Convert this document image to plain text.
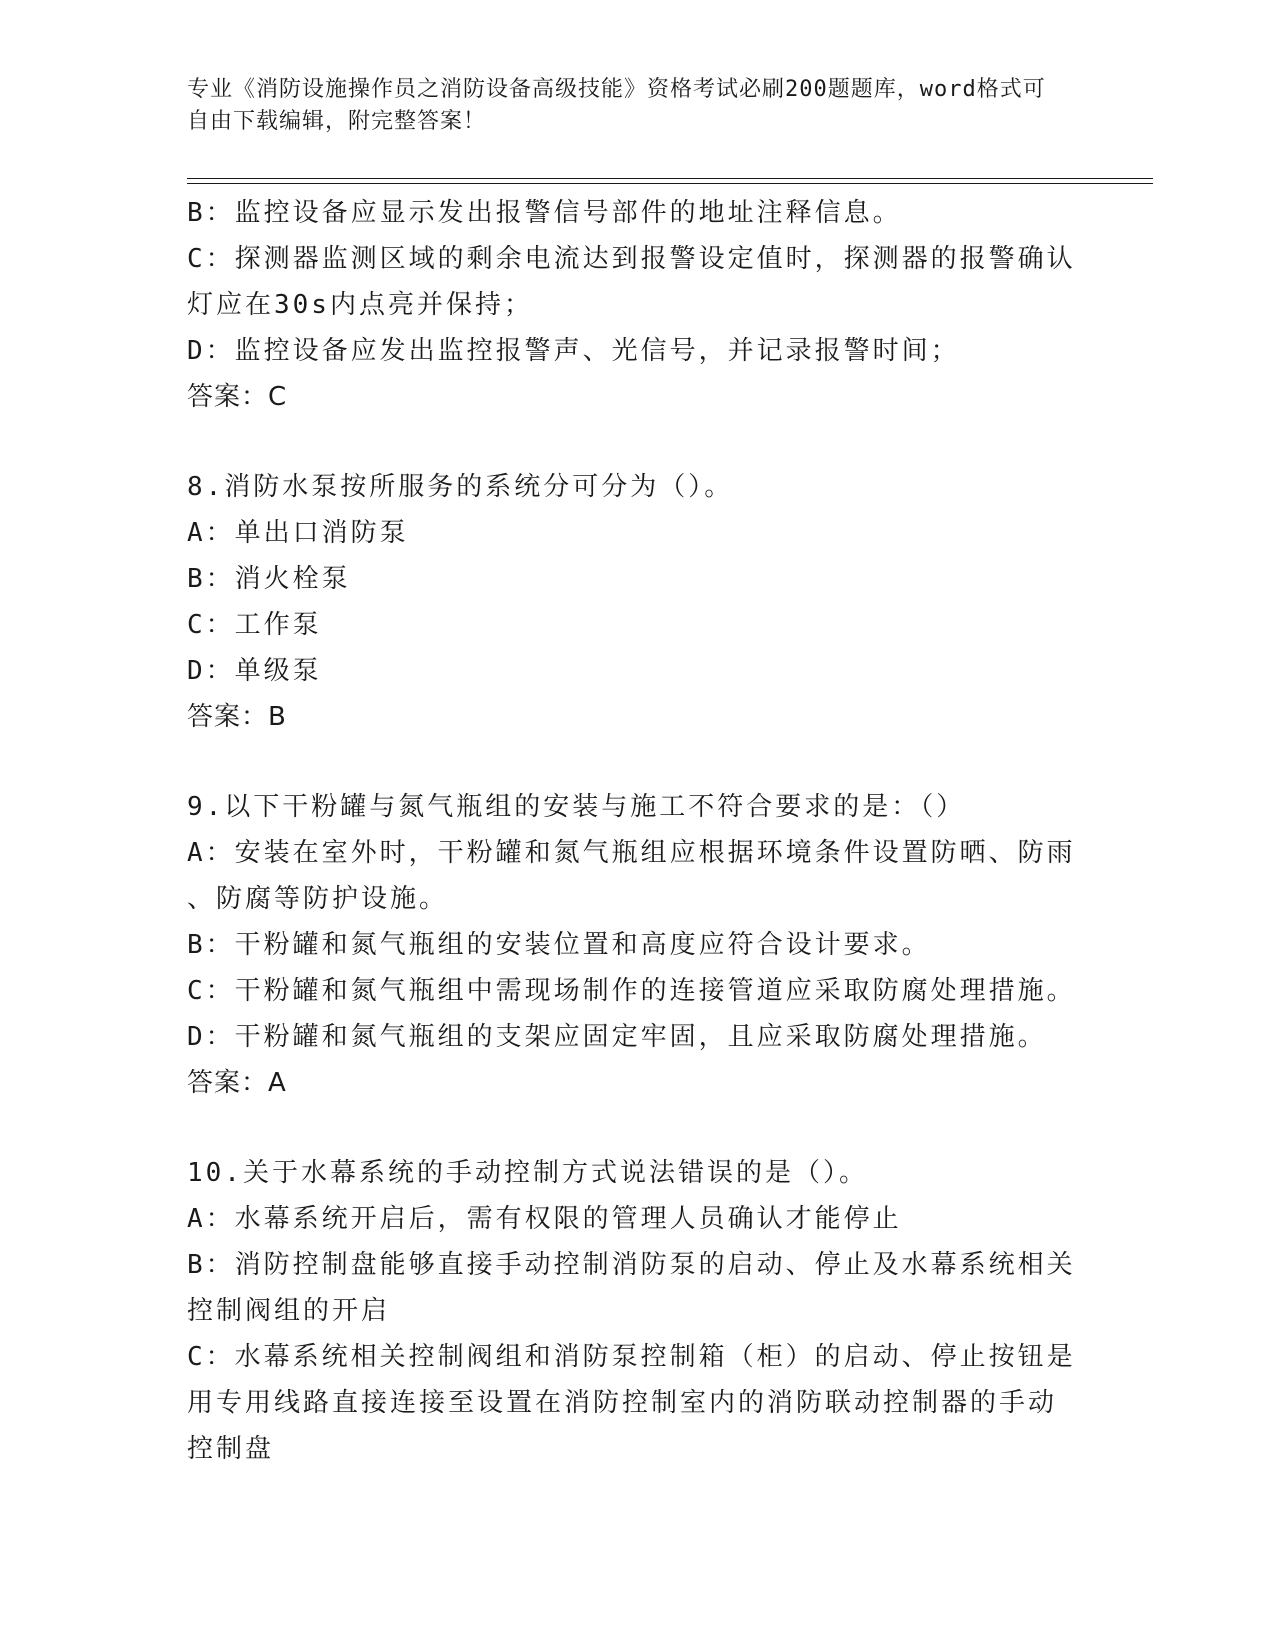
专业《消防设施操作员之消防设备高级技能》资格考试必刷200题题库，word格式可自由下载编辑，附完整答案！
B：监控设备应显示发出报警信号部件的地址注释信息。
C：探测器监测区域的剩余电流达到报警设定值时，探测器的报警确认
灯应在30s内点亮并保持；
D：监控设备应发出监控报警声、光信号，并记录报警时间；
答案：C
8.消防水泵按所服务的系统分可分为（）。
A：单出口消防泵
B：消火栓泵
C：工作泵
D：单级泵
答案：B
9.以下干粉罐与氮气瓶组的安装与施工不符合要求的是：（）
A：安装在室外时，干粉罐和氮气瓶组应根据环境条件设置防晒、防雨
、防腐等防护设施。
B：干粉罐和氮气瓶组的安装位置和高度应符合设计要求。
C：干粉罐和氮气瓶组中需现场制作的连接管道应采取防腐处理措施。
D：干粉罐和氮气瓶组的支架应固定牢固，且应采取防腐处理措施。
答案：A
10.关于水幕系统的手动控制方式说法错误的是（）。
A：水幕系统开启后，需有权限的管理人员确认才能停止
B：消防控制盘能够直接手动控制消防泵的启动、停止及水幕系统相关
控制阀组的开启
C：水幕系统相关控制阀组和消防泵控制箱（柜）的启动、停止按钮是
用专用线路直接连接至设置在消防控制室内的消防联动控制器的手动
控制盘
